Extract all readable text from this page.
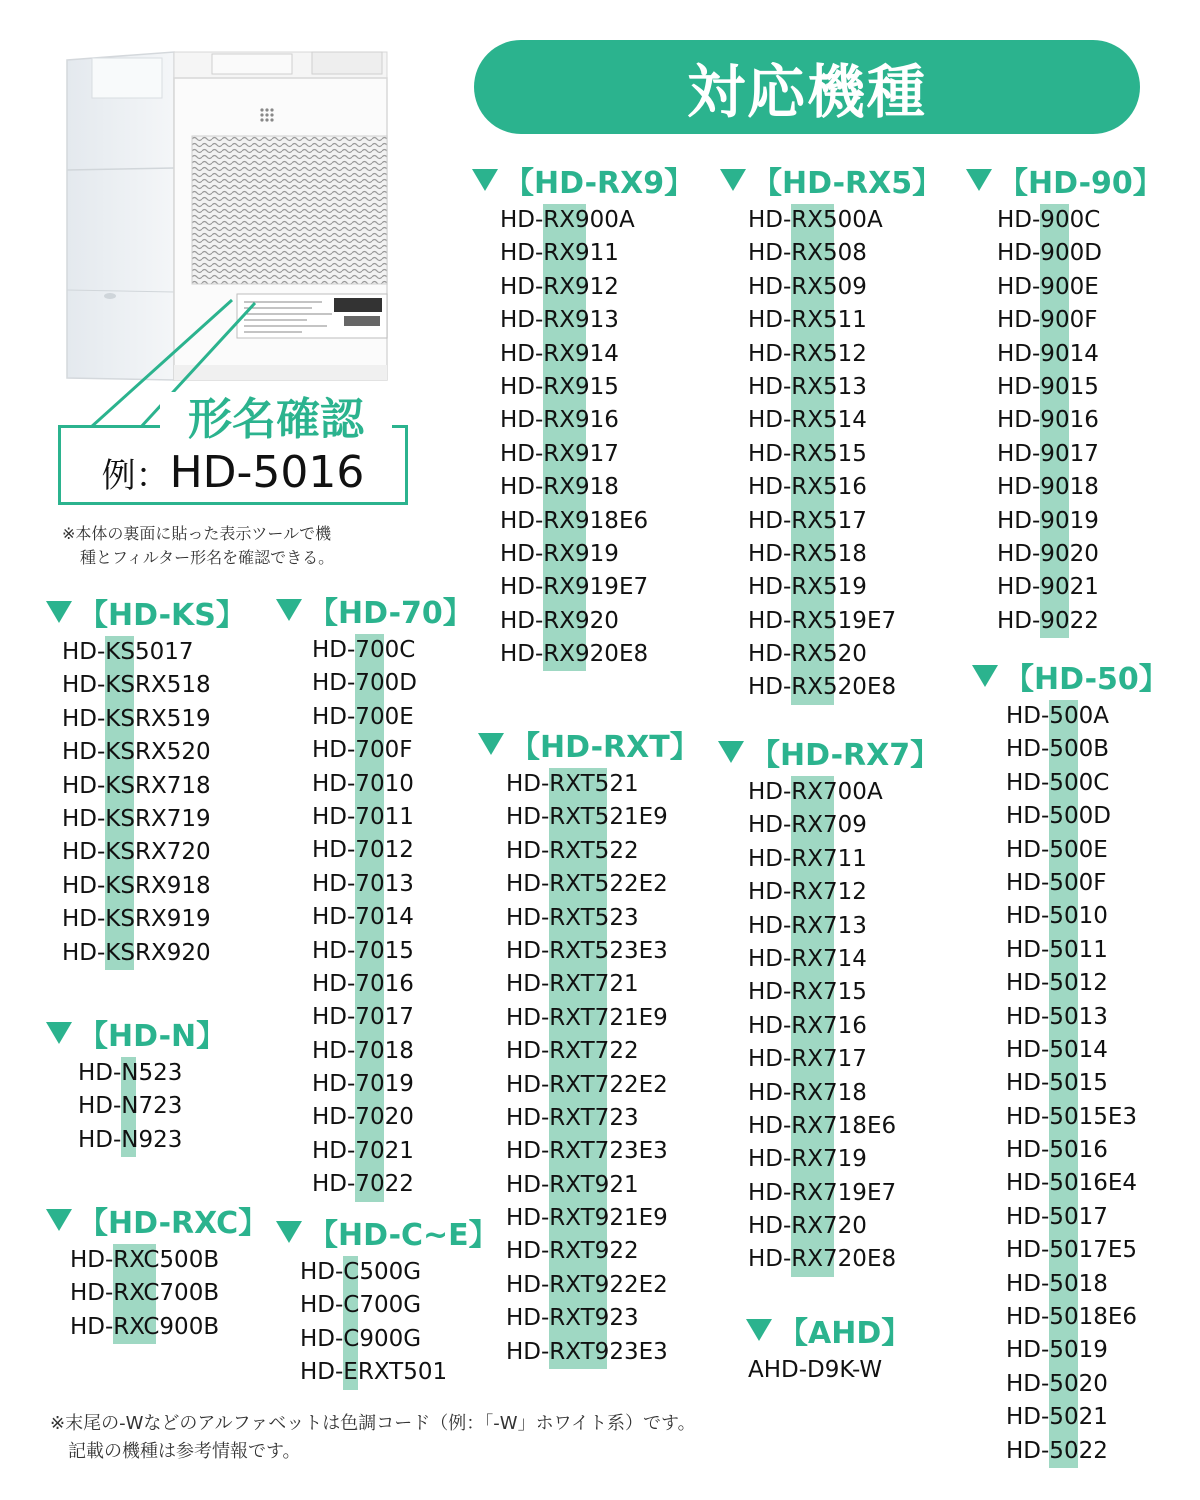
対応機種
形名確認
例：HD-5016
※本体の裏面に貼った表示ツールで機
種とフィルター形名を確認できる。
【HD-KS】
HD-KS5017
HD-KSRX518
HD-KSRX519
HD-KSRX520
HD-KSRX718
HD-KSRX719
HD-KSRX720
HD-KSRX918
HD-KSRX919
HD-KSRX920
【HD-N】
HD-N523
HD-N723
HD-N923
【HD-RXC】
HD-RXC500B
HD-RXC700B
HD-RXC900B
【HD-70】
HD-700C
HD-700D
HD-700E
HD-700F
HD-7010
HD-7011
HD-7012
HD-7013
HD-7014
HD-7015
HD-7016
HD-7017
HD-7018
HD-7019
HD-7020
HD-7021
HD-7022
【HD-C~E】
HD-C500G
HD-C700G
HD-C900G
HD-ERXT501
【HD-RX9】
HD-RX900A
HD-RX911
HD-RX912
HD-RX913
HD-RX914
HD-RX915
HD-RX916
HD-RX917
HD-RX918
HD-RX918E6
HD-RX919
HD-RX919E7
HD-RX920
HD-RX920E8
【HD-RXT】
HD-RXT521
HD-RXT521E9
HD-RXT522
HD-RXT522E2
HD-RXT523
HD-RXT523E3
HD-RXT721
HD-RXT721E9
HD-RXT722
HD-RXT722E2
HD-RXT723
HD-RXT723E3
HD-RXT921
HD-RXT921E9
HD-RXT922
HD-RXT922E2
HD-RXT923
HD-RXT923E3
【HD-RX5】
HD-RX500A
HD-RX508
HD-RX509
HD-RX511
HD-RX512
HD-RX513
HD-RX514
HD-RX515
HD-RX516
HD-RX517
HD-RX518
HD-RX519
HD-RX519E7
HD-RX520
HD-RX520E8
【HD-RX7】
HD-RX700A
HD-RX709
HD-RX711
HD-RX712
HD-RX713
HD-RX714
HD-RX715
HD-RX716
HD-RX717
HD-RX718
HD-RX718E6
HD-RX719
HD-RX719E7
HD-RX720
HD-RX720E8
【AHD】
AHD-D9K-W
【HD-90】
HD-900C
HD-900D
HD-900E
HD-900F
HD-9014
HD-9015
HD-9016
HD-9017
HD-9018
HD-9019
HD-9020
HD-9021
HD-9022
【HD-50】
HD-500A
HD-500B
HD-500C
HD-500D
HD-500E
HD-500F
HD-5010
HD-5011
HD-5012
HD-5013
HD-5014
HD-5015
HD-5015E3
HD-5016
HD-5016E4
HD-5017
HD-5017E5
HD-5018
HD-5018E6
HD-5019
HD-5020
HD-5021
HD-5022
※末尾の-Wなどのアルファベットは色調コード（例：「-W」ホワイト系）です。
記載の機種は参考情報です。
